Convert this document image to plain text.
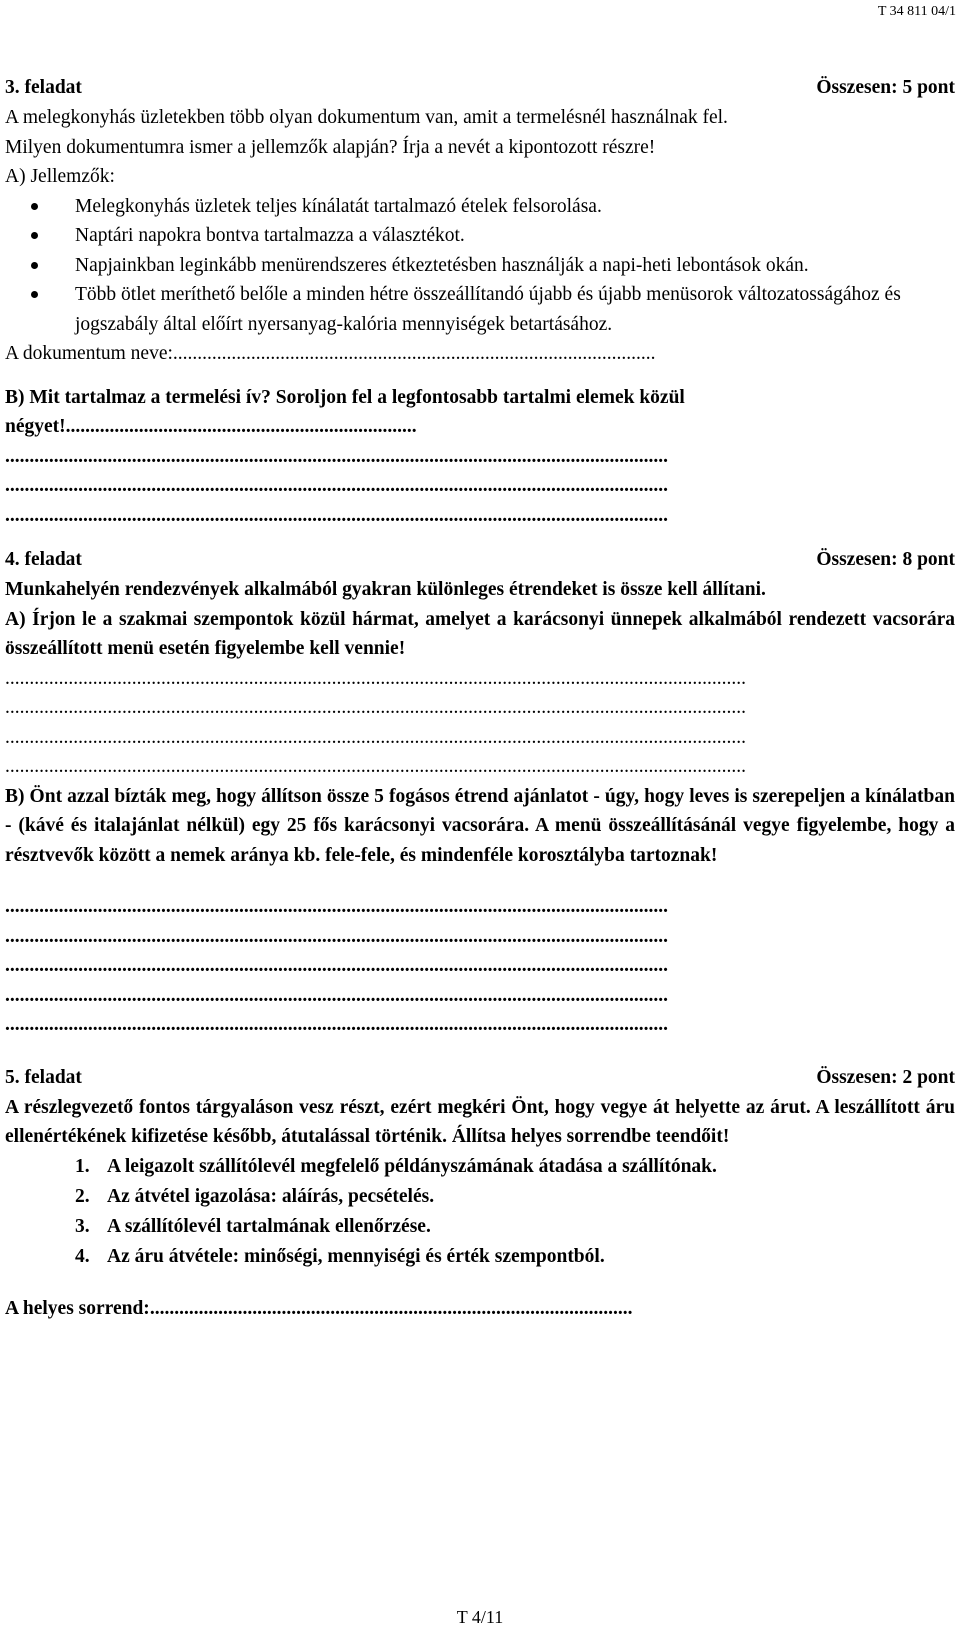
T 34 811 04/1
3. feladat	Összesen: 5 pont

A melegkonyhás üzletekben több olyan dokumentum van, amit a termelésnél használnak fel.

Milyen dokumentumra ismer a jellemzők alapján? Írja a nevét a kipontozott részre!

A) Jellemzők:

Melegkonyhás üzletek teljes kínálatát tartalmazó ételek felsorolása.
Naptári napokra bontva tartalmazza a választékot.
Napjainkban leginkább menürendszeres étkeztetésben használják a napi-heti lebontások okán.
Több ötlet meríthető belőle a minden hétre összeállítandó újabb és újabb menüsorok változatosságához és jogszabály által előírt nyersanyag-kalória mennyiségek betartásához.

A dokumentum neve:...................................................................................................

B) Mit tartalmaz a termelési ív? Soroljon fel a legfontosabb tartalmi elemek közül négyet!........................................................................

........................................................................................................................................
........................................................................................................................................
........................................................................................................................................
4. feladat	Összesen: 8 pont

Munkahelyén rendezvények alkalmából gyakran különleges étrendeket is össze kell állítani.

A) Írjon le a szakmai szempontok közül hármat, amelyet a karácsonyi ünnepek alkalmából rendezett vacsorára összeállított menü esetén figyelembe kell vennie!

........................................................................................................................................................
........................................................................................................................................................
........................................................................................................................................................
........................................................................................................................................................

B) Önt azzal bízták meg, hogy állítson össze 5 fogásos étrend ajánlatot - úgy, hogy leves is szerepeljen a kínálatban - (kávé és italajánlat nélkül) egy 25 fős karácsonyi vacsorára. A menü összeállításánál vegye figyelembe, hogy a résztvevők között a nemek aránya kb. fele-fele, és mindenféle korosztályba tartoznak!

........................................................................................................................................
........................................................................................................................................
........................................................................................................................................
........................................................................................................................................
........................................................................................................................................
5. feladat	Összesen: 2 pont

A részlegvezető fontos tárgyaláson vesz részt, ezért megkéri Önt, hogy vegye át helyette az árut. A leszállított áru ellenértékének kifizetése később, átutalással történik. Állítsa helyes sorrendbe teendőit!

1. A leigazolt szállítólevél megfelelő példányszámának átadása a szállítónak.
2. Az átvétel igazolása: aláírás, pecsételés.
3. A szállítólevél tartalmának ellenőrzése.
4. Az áru átvétele: minőségi, mennyiségi és érték szempontból.

A helyes sorrend:...................................................................................................

T 4/11
